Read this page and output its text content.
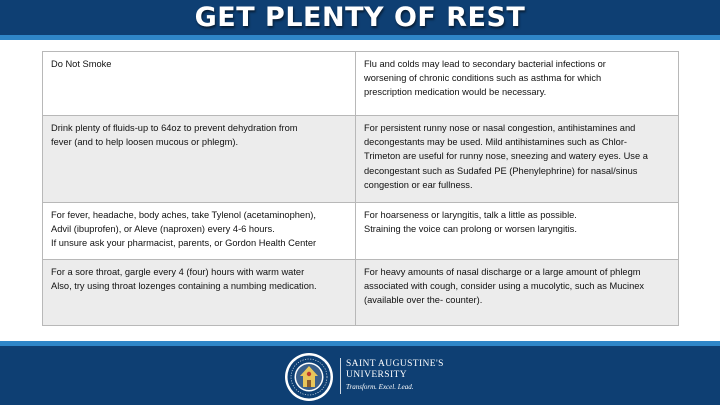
GET PLENTY OF REST
Do Not Smoke	Flu and colds may lead to secondary bacterial infections or
worsening of chronic conditions such as asthma for which
prescription medication would be necessary.
Drink plenty of fluids-up to 64oz to prevent dehydration from
fever (and to help loosen mucous or phlegm).
For persistent runny nose or nasal congestion, antihistamines and
decongestants may be used. Mild antihistamines such as Chlor-
Trimeton are useful for runny nose, sneezing and watery eyes. Use a
decongestant such as Sudafed PE (Phenylephrine) for nasal/sinus
congestion or ear fullness.
For fever, headache, body aches, take Tylenol (acetaminophen),
Advil (ibuprofen), or Aleve (naproxen) every 4-6 hours.
If unsure ask your pharmacist, parents, or Gordon Health Center
For hoarseness or laryngitis, talk a little as possible.
Straining the voice can prolong or worsen laryngitis.
For a sore throat, gargle every 4 (four) hours with warm water
Also, try using throat lozenges containing a numbing medication.
For heavy amounts of nasal discharge or a large amount of phlegm
associated with cough, consider using a mucolytic, such as Mucinex
(available over the- counter).
SAINT AUGUSTINE'S
UNIVERSITY
Transform. Excel. Lead.
